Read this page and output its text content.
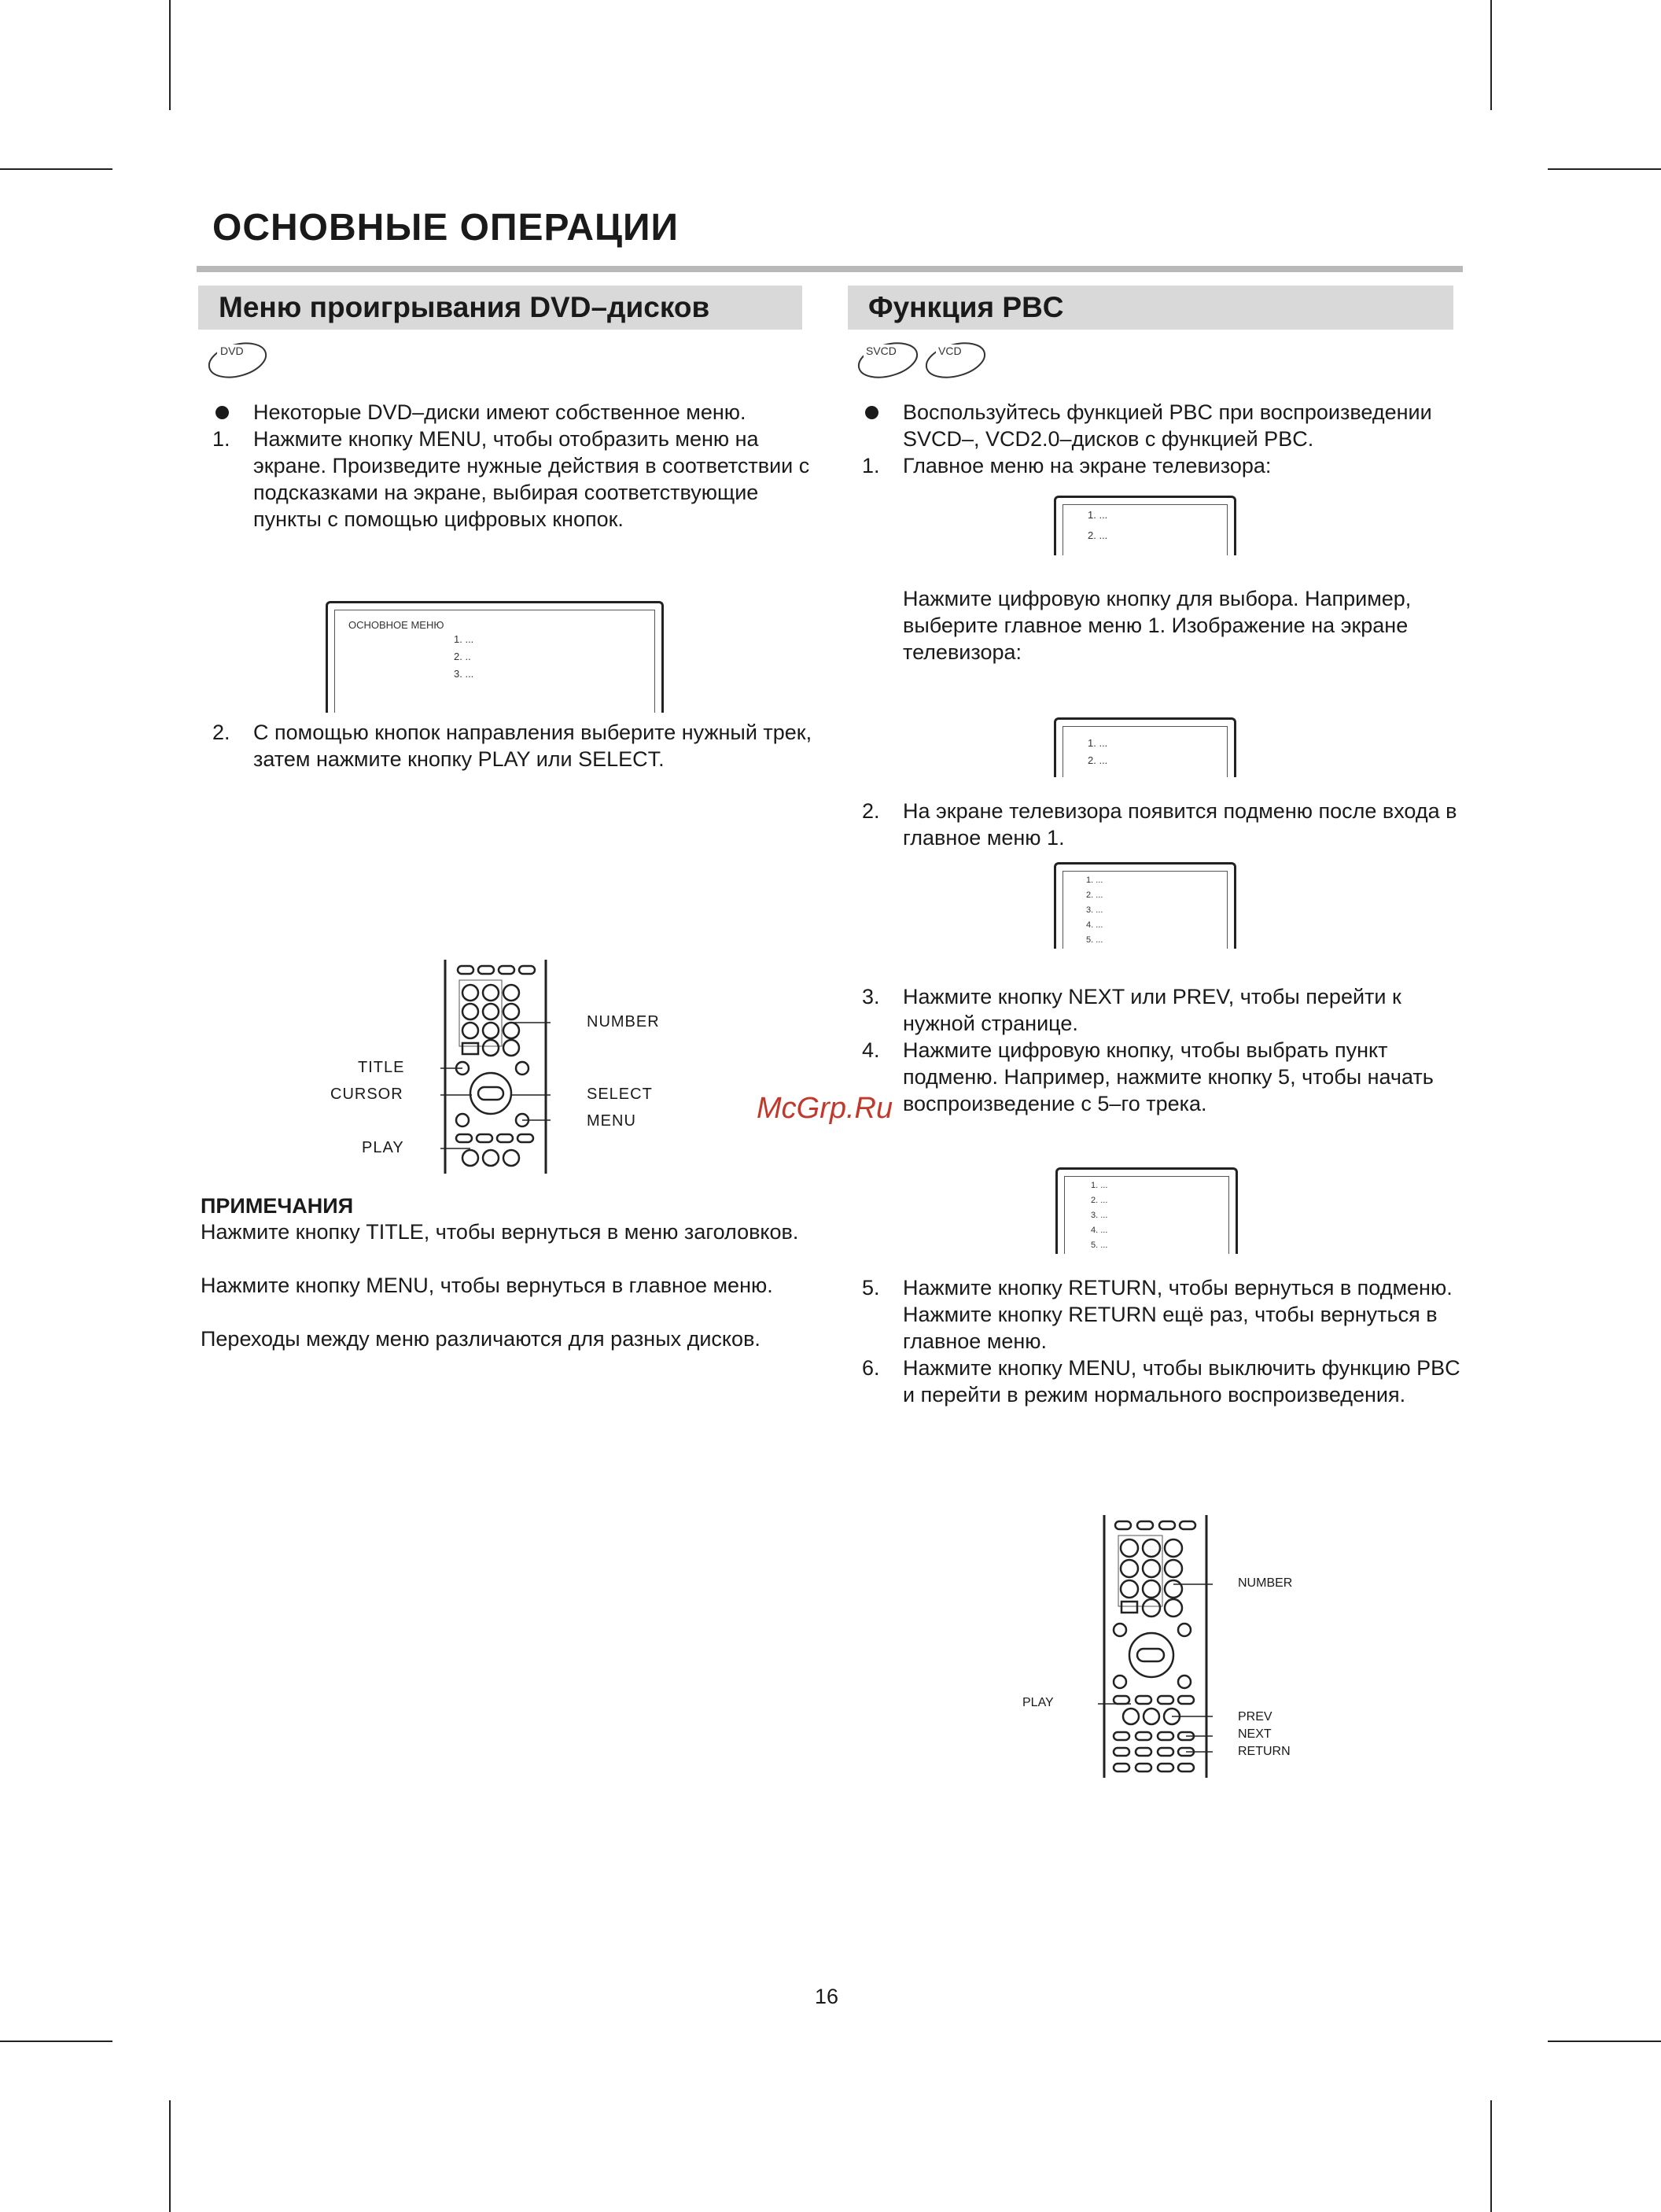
ОСНОВНЫЕ ОПЕРАЦИИ
Меню проигрывания DVD–дисков
DVD

Некоторые DVD–диски имеют собственное меню.

1. Нажмите кнопку MENU, чтобы отобразить меню на экране. Произведите нужные действия в соответствии с подсказками на экране, выбирая соответствующие пункты с помощью цифровых кнопок.

ОСНОВНОЕ МЕНЮ
1. ...
2. ..
3. ...

2. С помощью кнопок направления выберите нужный трек, затем нажмите кнопку PLAY или SELECT.

NUMBER
TITLE
CURSOR	SELECT
MENU
PLAY

ПРИМЕЧАНИЯ

Нажмите кнопку TITLE, чтобы вернуться в меню заголовков.

Нажмите кнопку MENU, чтобы вернуться в главное меню.

Переходы между меню различаются для разных дисков.

Функция PBC
SVCD	VCD

Воспользуйтесь функцией PBC при воспроизведении SVCD–, VCD2.0–дисков с функцией PBC.

1. Главное меню на экране телевизора:

1. ...
2. ...

Нажмите цифровую кнопку для выбора. Например, выберите главное меню 1. Изображение на экране телевизора:

1. ...
2. ...

2. На экране телевизора появится подменю после входа в главное меню 1.

1. ...
2. ...
3. ...
4. ...
5. ...

3. Нажмите кнопку NEXT или PREV, чтобы перейти к нужной странице.

4. Нажмите цифровую кнопку, чтобы выбрать пункт подменю. Например, нажмите кнопку 5, чтобы начать воспроизведение с 5–го трека.

1. ...
2. ...
3. ...
4. ...
5. ...

5. Нажмите кнопку RETURN, чтобы вернуться в подменю. Нажмите кнопку RETURN ещё раз, чтобы вернуться в главное меню.

6. Нажмите кнопку MENU, чтобы выключить функцию PBC и перейти в режим нормального воспроизведения.

NUMBER
PLAY
PREV
NEXT
RETURN
McGrp.Ru
16
